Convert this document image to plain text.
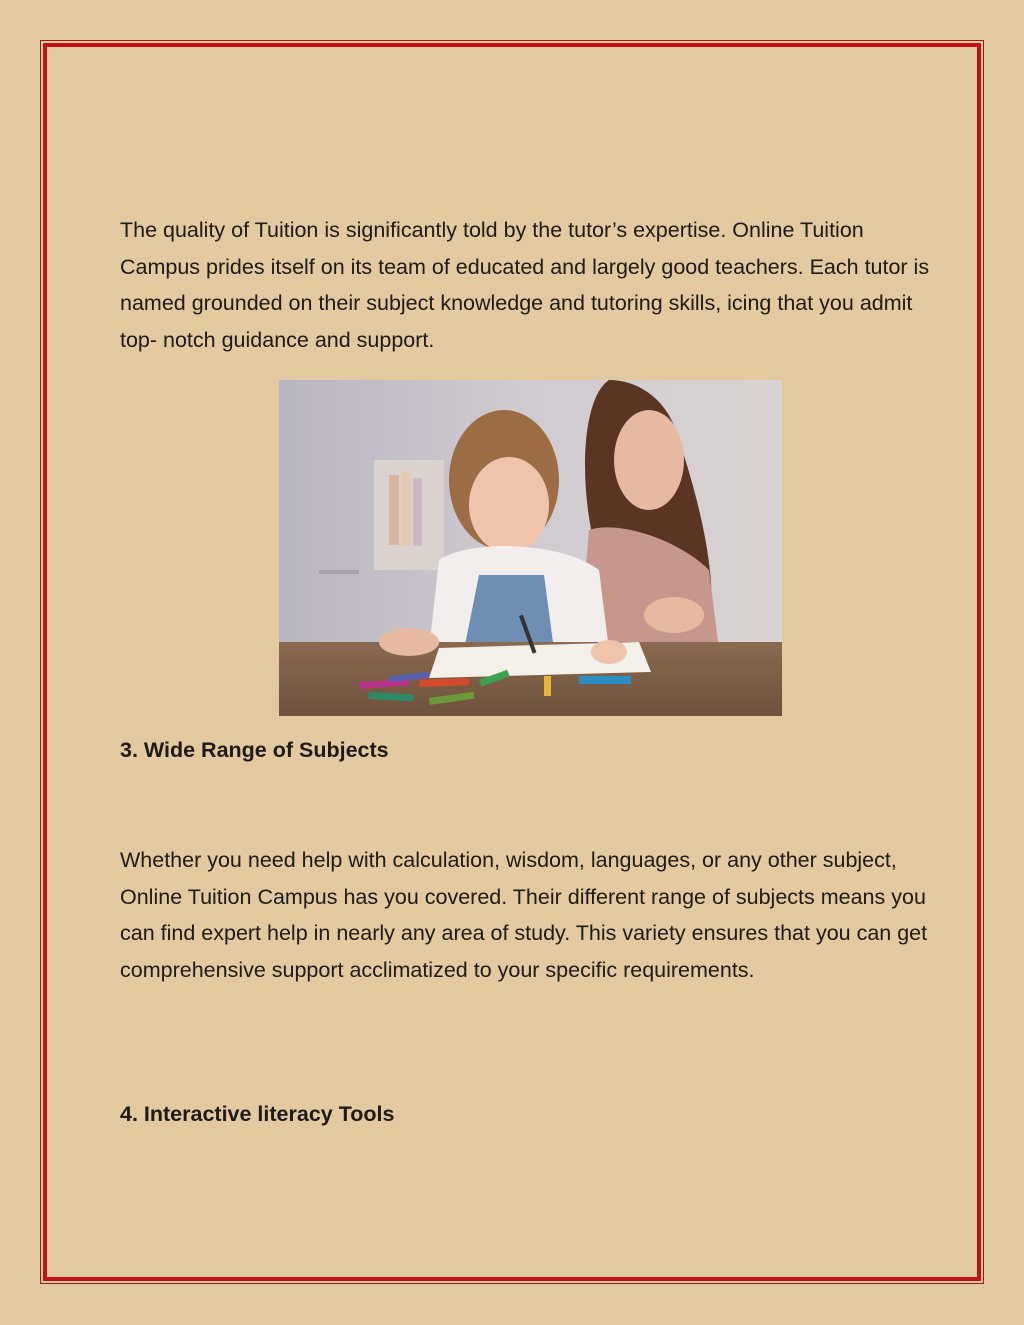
The quality of Tuition is significantly told by the tutor’s expertise. Online Tuition Campus prides itself on its team of educated and largely good teachers. Each tutor is named grounded on their subject knowledge and tutoring skills, icing that you admit top- notch guidance and support.

3. Wide Range of Subjects

Whether you need help with calculation, wisdom, languages, or any other subject, Online Tuition Campus has you covered. Their different range of subjects means you can find expert help in nearly any area of study. This variety ensures that you can get comprehensive support acclimatized to your specific requirements.

4. Interactive literacy Tools
